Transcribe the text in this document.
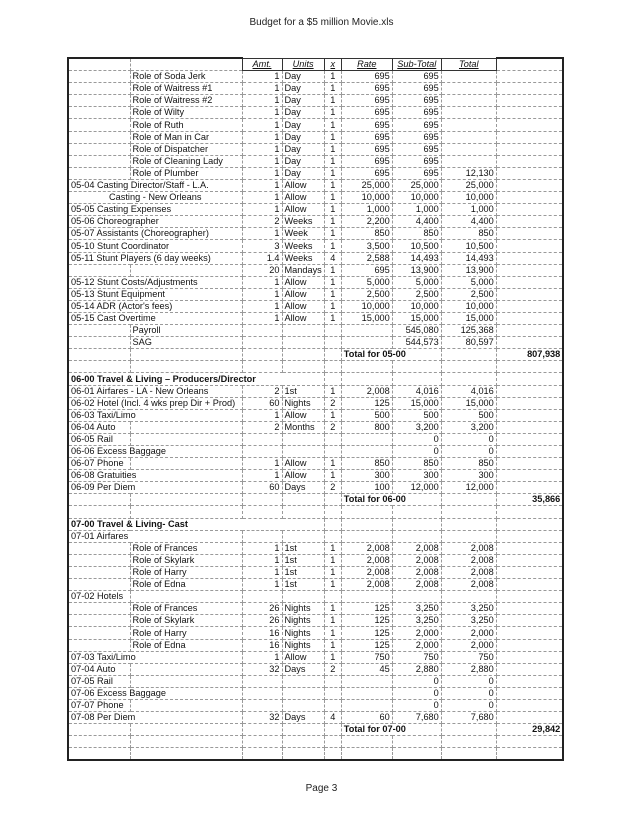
Budget for a $5 million Movie.xls
		Amt.	Units	x	Rate	Sub-Total	Total	
	Role of Soda Jerk	1	Day	1	695	695		
	Role of Waitress #1	1	Day	1	695	695		
	Role of Waitress #2	1	Day	1	695	695		
	Role of Wilty	1	Day	1	695	695		
	Role of Ruth	1	Day	1	695	695		
	Role of Man in Car	1	Day	1	695	695		
	Role of Dispatcher	1	Day	1	695	695		
	Role of Cleaning Lady	1	Day	1	695	695		
	Role of Plumber	1	Day	1	695	695	12,130	
05-04 Casting Director/Staff - L.A.		1	Allow	1	25,000	25,000	25,000	
Casting - New Orleans		1	Allow	1	10,000	10,000	10,000	
05-05 Casting Expenses		1	Allow	1	1,000	1,000	1,000	
05-06 Choreographer		2	Weeks	1	2,200	4,400	4,400	
05-07 Assistants (Choreographer)		1	Week	1	850	850	850	
05-10 Stunt Coordinator		3	Weeks	1	3,500	10,500	10,500	
05-11 Stunt Players (6 day weeks)		1.4	Weeks	4	2,588	14,493	14,493	
		20	Mandays	1	695	13,900	13,900	
05-12 Stunt Costs/Adjustments		1	Allow	1	5,000	5,000	5,000	
05-13 Stunt Equipment		1	Allow	1	2,500	2,500	2,500	
05-14 ADR (Actor's fees)		1	Allow	1	10,000	10,000	10,000	
05-15 Cast Overtime		1	Allow	1	15,000	15,000	15,000	
	Payroll					545,080	125,368	
	SAG					544,573	80,597	
					Total for 05-00			807,938

06-00 Travel & Living – Producers/Director								
06-01 Airfares - LA - New Orleans		2	1st	1	2,008	4,016	4,016	
06-02 Hotel (Incl. 4 wks prep Dir + Prod)		60	Nights	2	125	15,000	15,000	
06-03 Taxi/Limo		1	Allow	1	500	500	500	
06-04 Auto		2	Months	2	800	3,200	3,200	
06-05 Rail						0	0	
06-06 Excess Baggage						0	0	
06-07 Phone		1	Allow	1	850	850	850	
06-08 Gratuities		1	Allow	1	300	300	300	
06-09 Per Diem		60	Days	2	100	12,000	12,000	
					Total for 06-00			35,866

07-00 Travel & Living- Cast								
07-01 Airfares								
	Role of Frances	1	1st	1	2,008	2,008	2,008	
	Role of Skylark	1	1st	1	2,008	2,008	2,008	
	Role of Harry	1	1st	1	2,008	2,008	2,008	
	Role of Edna	1	1st	1	2,008	2,008	2,008	
07-02 Hotels								
	Role of Frances	26	Nights	1	125	3,250	3,250	
	Role of Skylark	26	Nights	1	125	3,250	3,250	
	Role of Harry	16	Nights	1	125	2,000	2,000	
	Role of Edna	16	Nights	1	125	2,000	2,000	
07-03 Taxi/Limo		1	Allow	1	750	750	750	
07-04 Auto		32	Days	2	45	2,880	2,880	
07-05 Rail						0	0	
07-06 Excess Baggage						0	0	
07-07 Phone						0	0	
07-08 Per Diem		32	Days	4	60	7,680	7,680	
					Total for 07-00			29,842

Page 3
